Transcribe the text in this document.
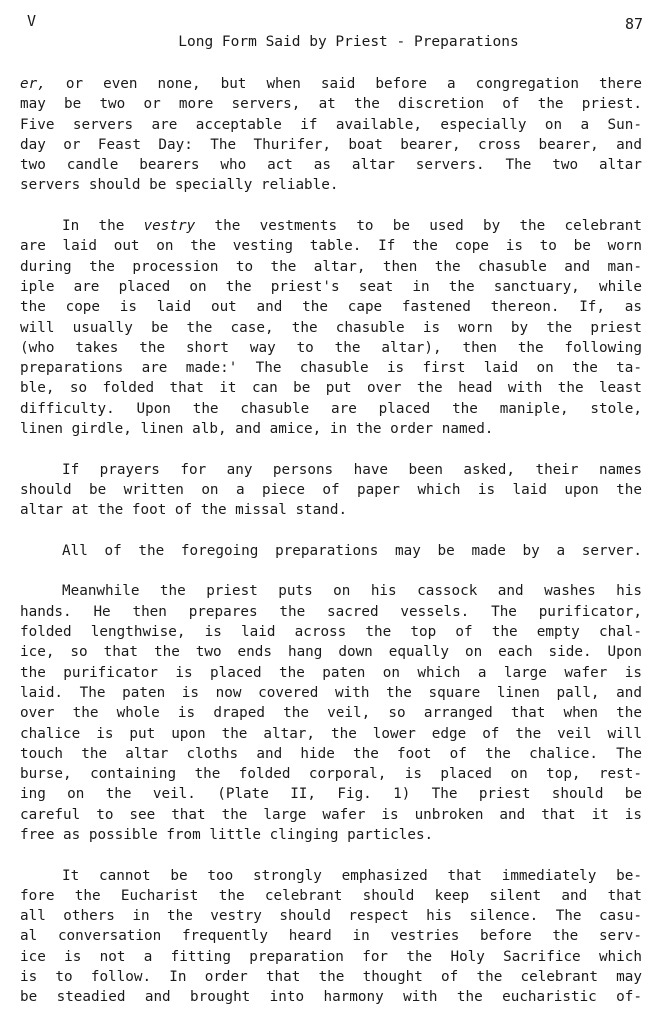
V	87
Long Form Said by Priest - Preparations
er, or even none, but when said before a congregation there
may be two or more servers, at the discretion of the priest.
Five servers are acceptable if available, especially on a Sun-
day or Feast Day: The Thurifer, boat bearer, cross bearer, and
two candle bearers who act as altar servers. The two altar
servers should be specially reliable.
In the vestry the vestments to be used by the celebrant
are laid out on the vesting table. If the cope is to be worn
during the procession to the altar, then the chasuble and man-
iple are placed on the priest's seat in the sanctuary, while
the cope is laid out and the cape fastened thereon. If, as
will usually be the case, the chasuble is worn by the priest
(who takes the short way to the altar), then the following
preparations are made:' The chasuble is first laid on the ta-
ble, so folded that it can be put over the head with the least
difficulty. Upon the chasuble are placed the maniple, stole,
linen girdle, linen alb, and amice, in the order named.
If prayers for any persons have been asked, their names
should be written on a piece of paper which is laid upon the
altar at the foot of the missal stand.
All of the foregoing preparations may be made by a server.
Meanwhile the priest puts on his cassock and washes his
hands. He then prepares the sacred vessels. The purificator,
folded lengthwise, is laid across the top of the empty chal-
ice, so that the two ends hang down equally on each side. Upon
the purificator is placed the paten on which a large wafer is
laid. The paten is now covered with the square linen pall, and
over the whole is draped the veil, so arranged that when the
chalice is put upon the altar, the lower edge of the veil will
touch the altar cloths and hide the foot of the chalice. The
burse, containing the folded corporal, is placed on top, rest-
ing on the veil. (Plate II, Fig. 1) The priest should be
careful to see that the large wafer is unbroken and that it is
free as possible from little clinging particles.
It cannot be too strongly emphasized that immediately be-
fore the Eucharist the celebrant should keep silent and that
all others in the vestry should respect his silence. The casu-
al conversation frequently heard in vestries before the serv-
ice is not a fitting preparation for the Holy Sacrifice which
is to follow. In order that the thought of the celebrant may
be steadied and brought into harmony with the eucharistic of-
